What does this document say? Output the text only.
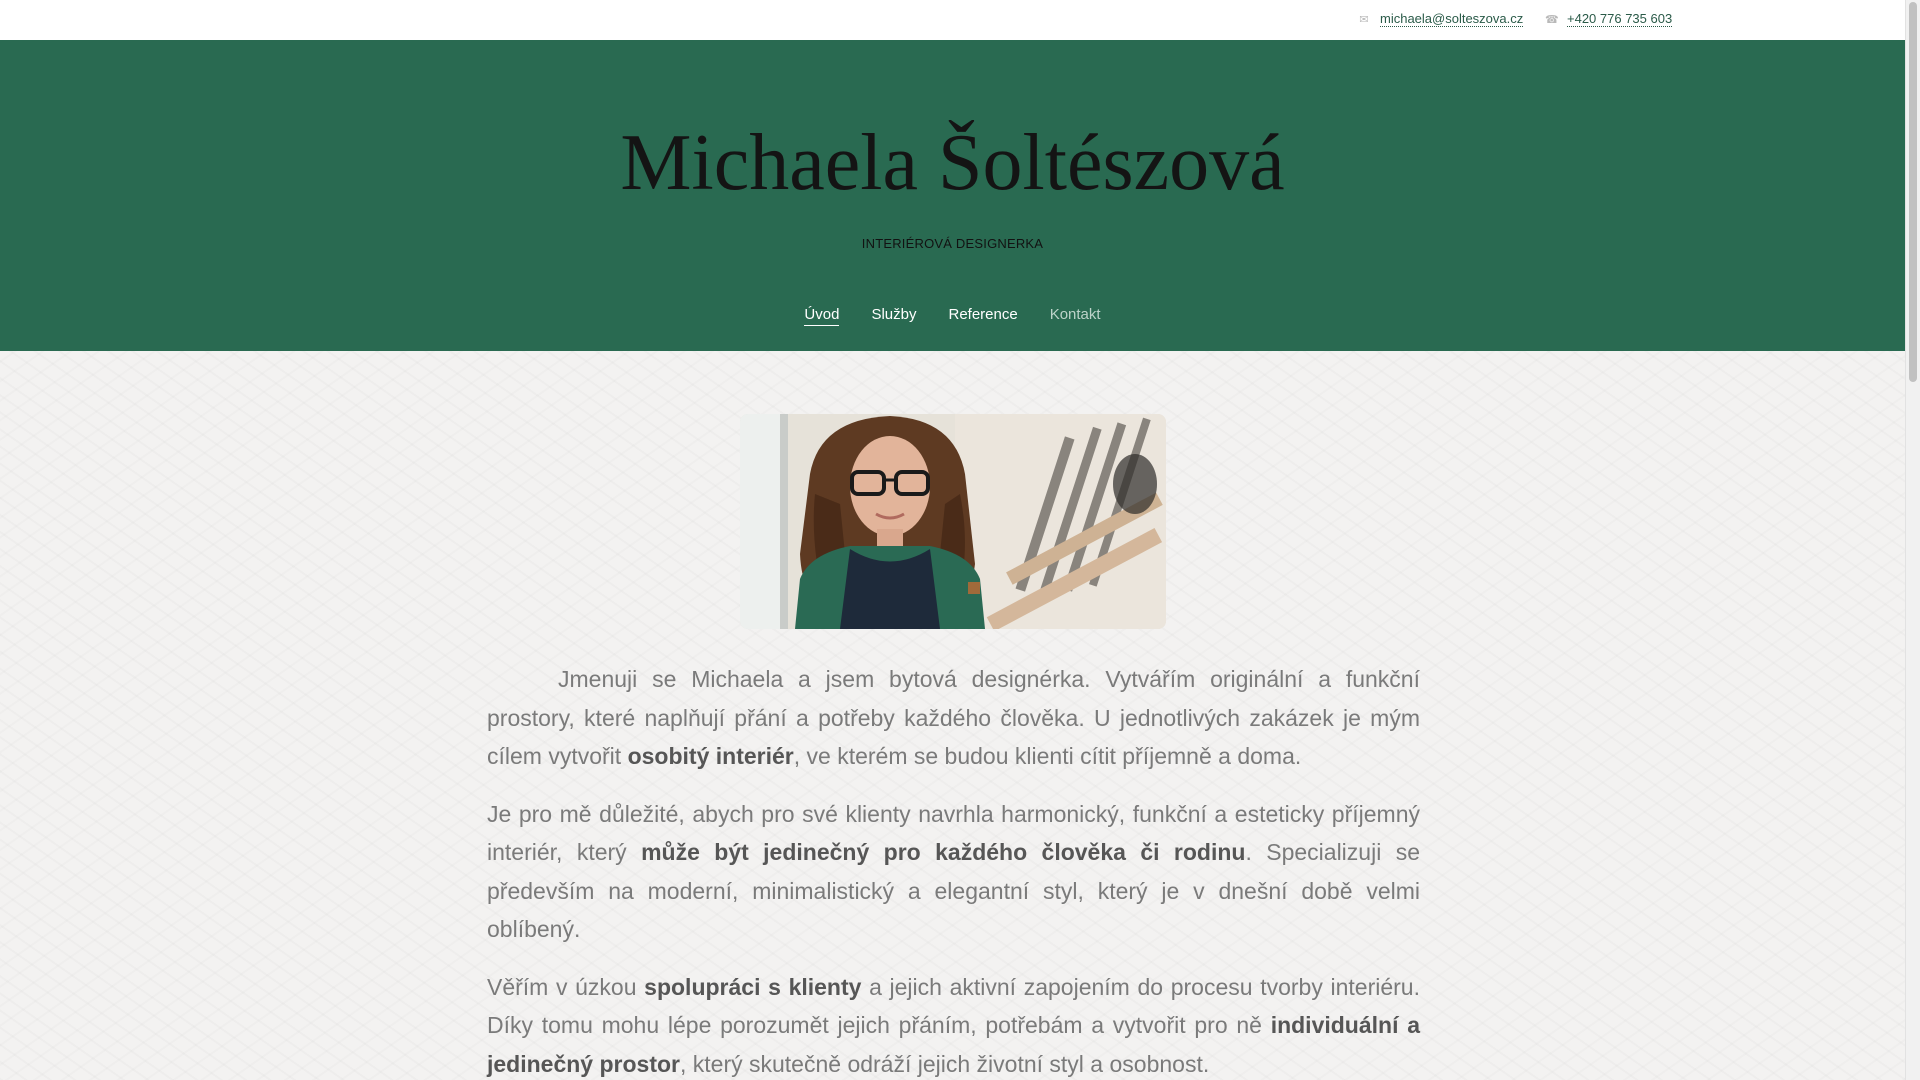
✉ michaela@solteszova.cz ☎ +420 776 735 603
Michaela Šoltészová
INTERIÉROVÁ DESIGNERKA
Úvod Služby Reference Kontakt

Jmenuji se Michaela a jsem bytová designérka. Vytvářím originální a funkční prostory, které naplňují přání a potřeby každého člověka. U jednotlivých zakázek je mým cílem vytvořit osobitý interiér, ve kterém se budou klienti cítit příjemně a doma.

Je pro mě důležité, abych pro své klienty navrhla harmonický, funkční a esteticky příjemný interiér, který může být jedinečný pro každého člověka či rodinu. Specializuji se především na moderní, minimalistický a elegantní styl, který je v dnešní době velmi oblíbený.

Věřím v úzkou spolupráci s klienty a jejich aktivní zapojením do procesu tvorby interiéru. Díky tomu mohu lépe porozumět jejich přáním, potřebám a vytvořit pro ně individuální a jedinečný prostor, který skutečně odráží jejich životní styl a osobnost.
